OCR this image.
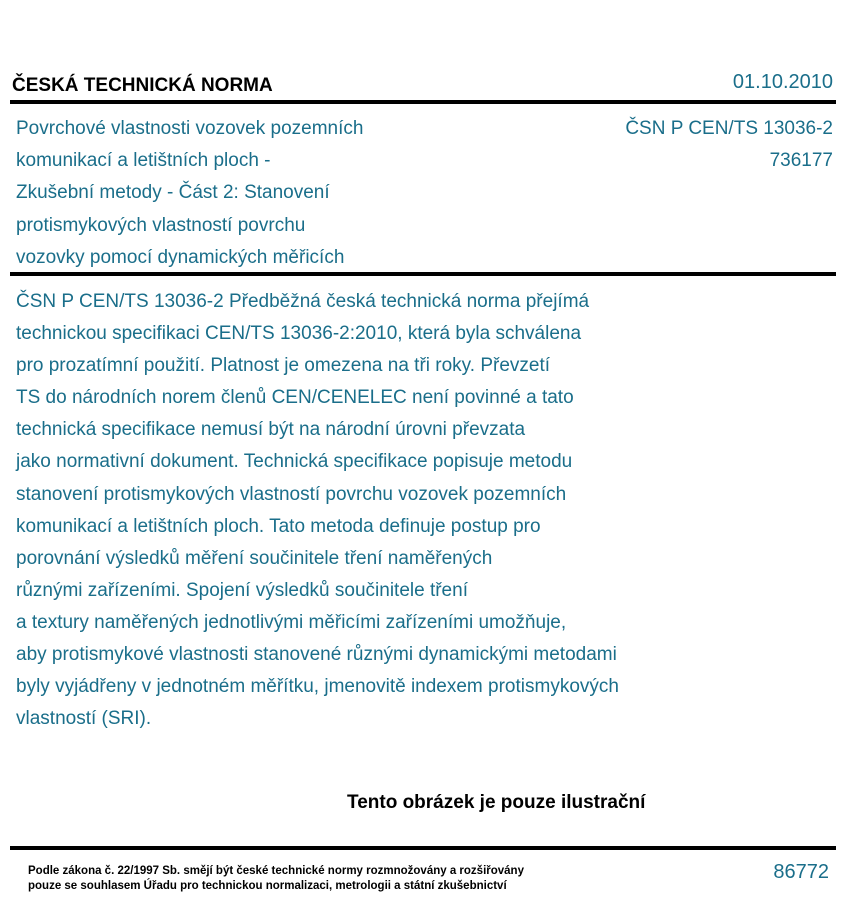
ČESKÁ TECHNICKÁ NORMA	01.10.2010
Povrchové vlastnosti vozovek pozemních
komunikací a letištních ploch -
Zkušební metody - Část 2: Stanovení
protismykových vlastností povrchu
vozovky pomocí dynamických měřicích
ČSN P CEN/TS 13036-2
736177
ČSN P CEN/TS 13036-2 Předběžná česká technická norma přejímá
technickou specifikaci CEN/TS 13036-2:2010, která byla schválena
pro prozatímní použití. Platnost je omezena na tři roky. Převzetí
TS do národních norem členů CEN/CENELEC není povinné a tato
technická specifikace nemusí být na národní úrovni převzata
jako normativní dokument. Technická specifikace popisuje metodu
stanovení protismykových vlastností povrchu vozovek pozemních
komunikací a letištních ploch. Tato metoda definuje postup pro
porovnání výsledků měření součinitele tření naměřených
různými zařízeními. Spojení výsledků součinitele tření
a textury naměřených jednotlivými měřicími zařízeními umožňuje,
aby protismykové vlastnosti stanovené různými dynamickými metodami
byly vyjádřeny v jednotném měřítku, jmenovitě indexem protismykových
vlastností (SRI).
Tento obrázek je pouze ilustrační
Podle zákona č. 22/1997 Sb. smějí být české technické normy rozmnožovány a rozšiřovány
pouze se souhlasem Úřadu pro technickou normalizaci, metrologii a státní zkušebnictví
86772
